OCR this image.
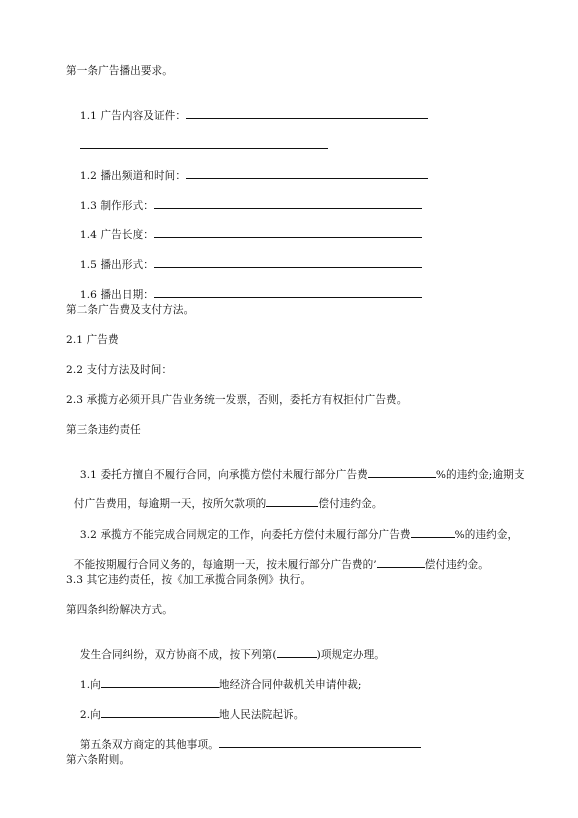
第一条广告播出要求。

1.1 广告内容及证件：

1.2 播出频道和时间：

1.3 制作形式：

1.4 广告长度：

1.5 播出形式：

1.6 播出日期：

第二条广告费及支付方法。
2.1 广告费
2.2 支付方法及时间：
2.3 承揽方必须开具广告业务统一发票，否则，委托方有权拒付广告费。
第三条违约责任

3.1 委托方擅自不履行合同，向承揽方偿付未履行部分广告费	%的违约金;逾期支

付广告费用，每逾期一天，按所欠款项的	偿付违约金。

3.2 承揽方不能完成合同规定的工作，向委托方偿付未履行部分广告费	%的违约金，

不能按期履行合同义务的，每逾期一天，按未履行部分广告费的’	偿付违约金。

3.3 其它违约责任，按《加工承揽合同条例》执行。
第四条纠纷解决方式。

发生合同纠纷，双方协商不成，按下列第(	)项规定办理。

1.向	地经济合同仲裁机关申请仲裁;

2.向	地人民法院起诉。

第五条双方商定的其他事项。

第六条附则。
